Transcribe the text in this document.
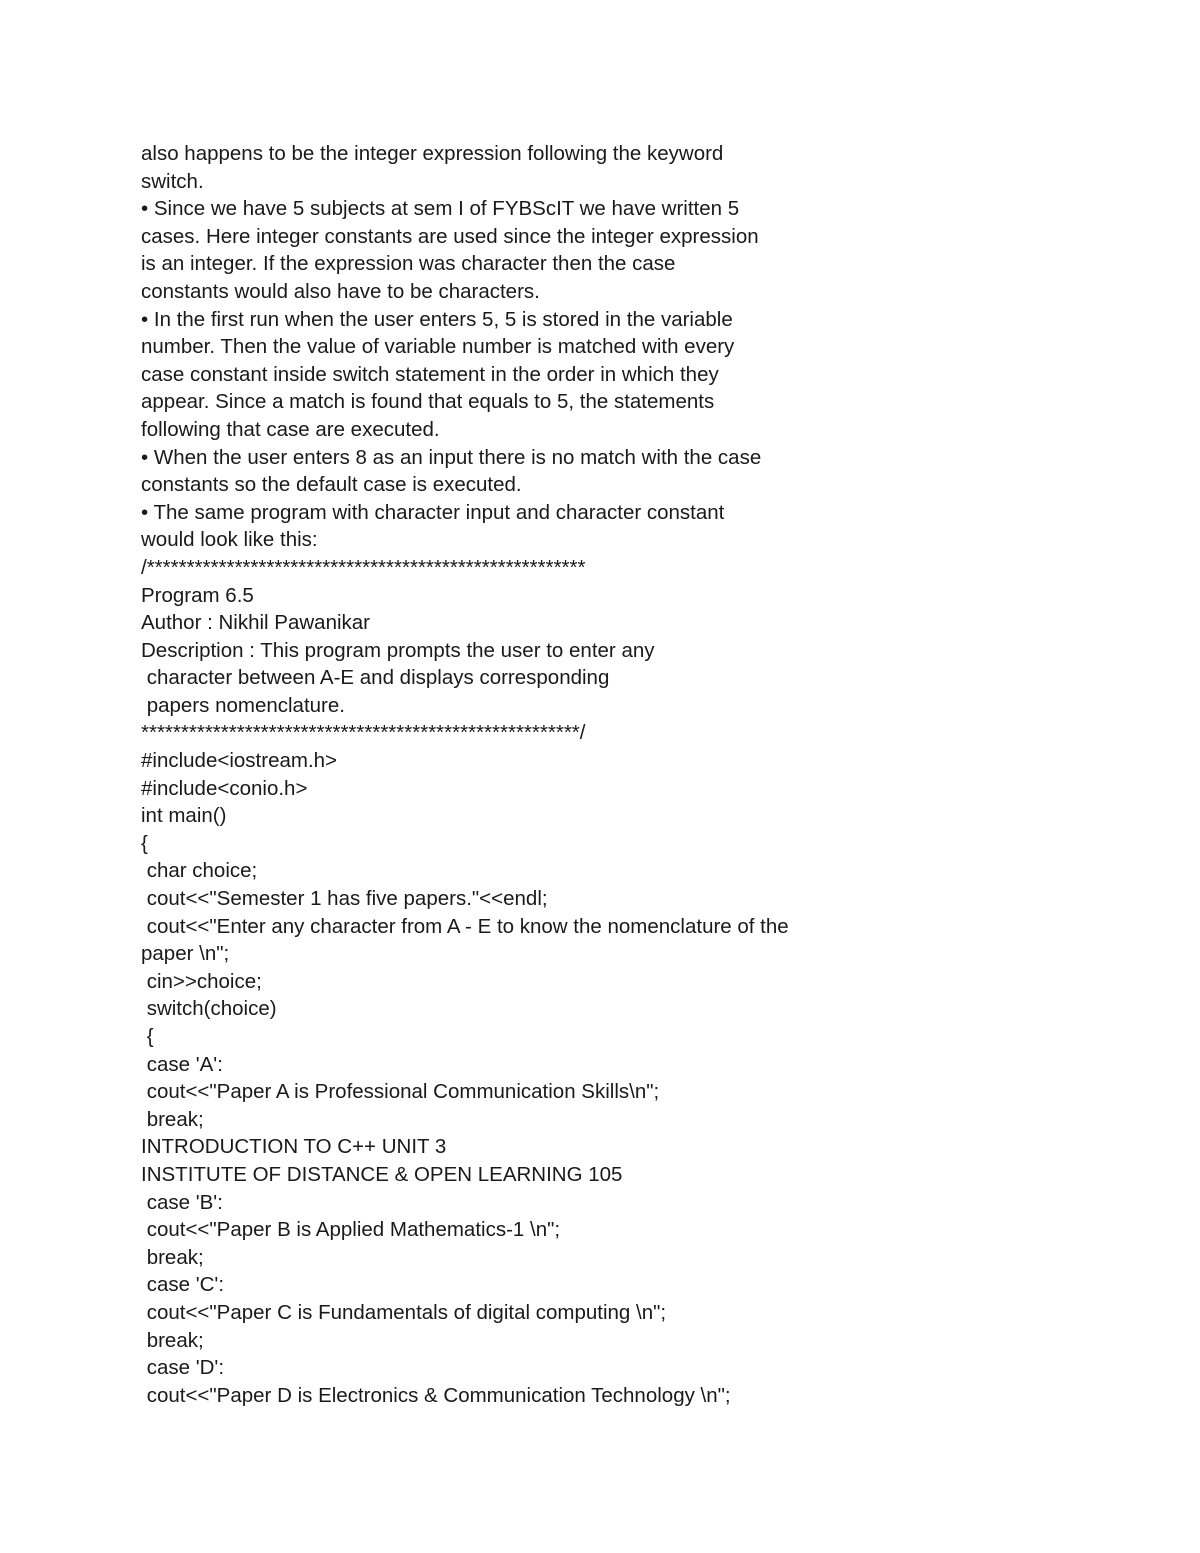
also happens to be the integer expression following the keyword
switch.
• Since we have 5 subjects at sem I of FYBScIT we have written 5
cases. Here integer constants are used since the integer expression
is an integer. If the expression was character then the case
constants would also have to be characters.
• In the first run when the user enters 5, 5 is stored in the variable
number. Then the value of variable number is matched with every
case constant inside switch statement in the order in which they
appear. Since a match is found that equals to 5, the statements
following that case are executed.
• When the user enters 8 as an input there is no match with the case
constants so the default case is executed.
• The same program with character input and character constant
would look like this:
/*******************************************************
Program 6.5
Author : Nikhil Pawanikar
Description : This program prompts the user to enter any
character between A-E and displays corresponding
papers nomenclature.
*******************************************************/
#include<iostream.h>
#include<conio.h>
int main()
{
char choice;
cout<<"Semester 1 has five papers."<<endl;
cout<<"Enter any character from A - E to know the nomenclature of the
paper \n";
cin>>choice;
switch(choice)
{
case 'A':
cout<<"Paper A is Professional Communication Skills\n";
break;
INTRODUCTION TO C++ UNIT 3
INSTITUTE OF DISTANCE & OPEN LEARNING 105
case 'B':
cout<<"Paper B is Applied Mathematics-1 \n";
break;
case 'C':
cout<<"Paper C is Fundamentals of digital computing \n";
break;
case 'D':
cout<<"Paper D is Electronics & Communication Technology \n";
